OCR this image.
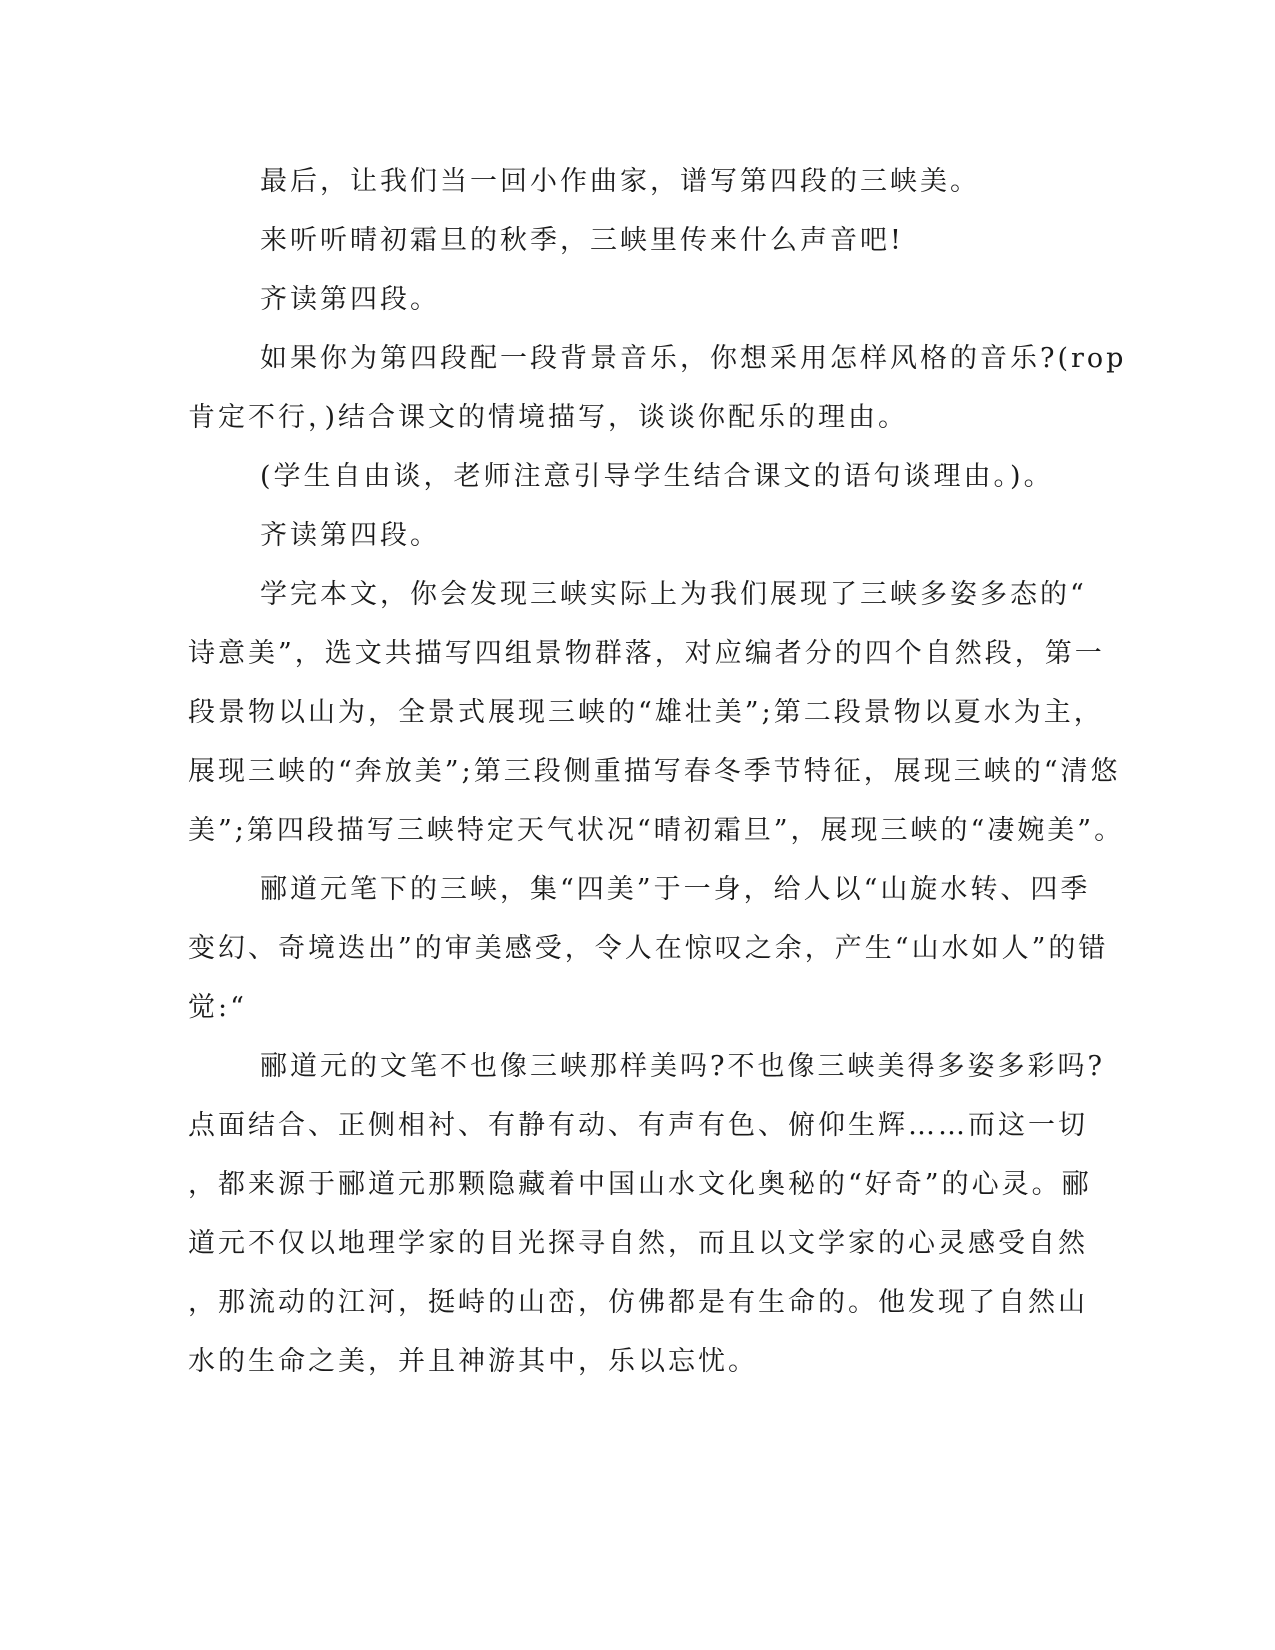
最后，让我们当一回小作曲家，谱写第四段的三峡美。
来听听晴初霜旦的秋季，三峡里传来什么声音吧!
齐读第四段。
如果你为第四段配一段背景音乐，你想采用怎样风格的音乐?(rop
肯定不行，)结合课文的情境描写，谈谈你配乐的理由。
(学生自由谈，老师注意引导学生结合课文的语句谈理由。)。
齐读第四段。
学完本文，你会发现三峡实际上为我们展现了三峡多姿多态的“
诗意美”，选文共描写四组景物群落，对应编者分的四个自然段，第一
段景物以山为，全景式展现三峡的“雄壮美”;第二段景物以夏水为主，
展现三峡的“奔放美”;第三段侧重描写春冬季节特征，展现三峡的“清悠
美”;第四段描写三峡特定天气状况“晴初霜旦”，展现三峡的“凄婉美”。
郦道元笔下的三峡，集“四美”于一身，给人以“山旋水转、四季
变幻、奇境迭出”的审美感受，令人在惊叹之余，产生“山水如人”的错
觉:“
郦道元的文笔不也像三峡那样美吗?不也像三峡美得多姿多彩吗?
点面结合、正侧相衬、有静有动、有声有色、俯仰生辉……而这一切
，都来源于郦道元那颗隐藏着中国山水文化奥秘的“好奇”的心灵。郦
道元不仅以地理学家的目光探寻自然，而且以文学家的心灵感受自然
，那流动的江河，挺峙的山峦，仿佛都是有生命的。他发现了自然山
水的生命之美，并且神游其中，乐以忘忧。
